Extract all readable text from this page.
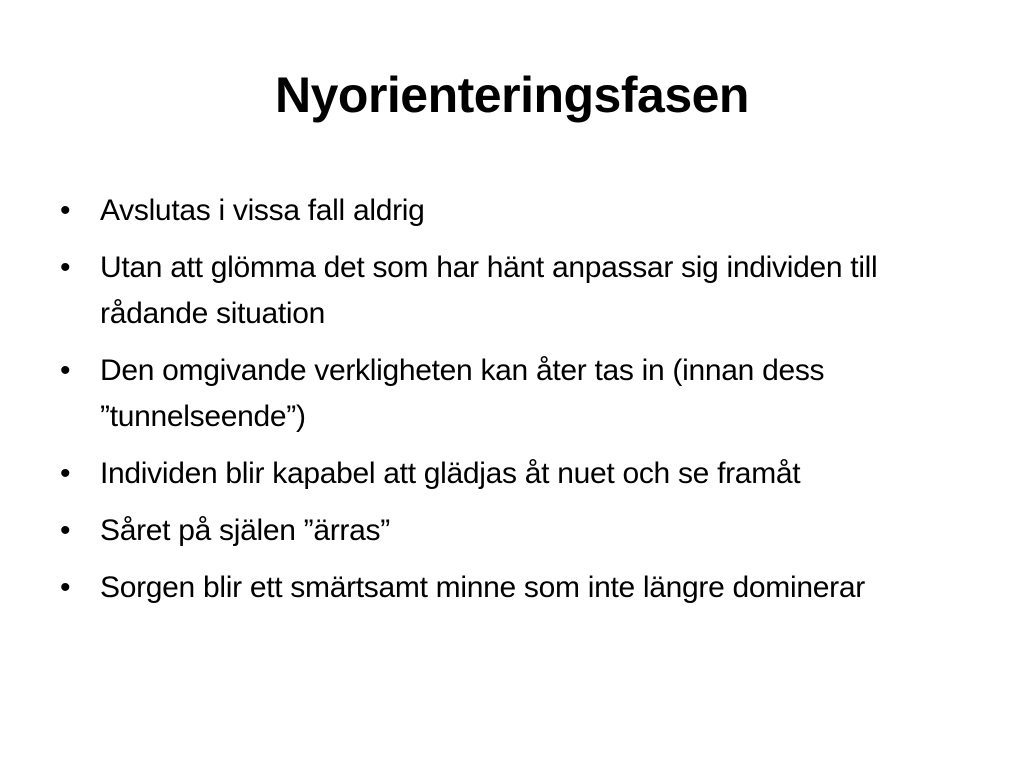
Nyorienteringsfasen
• Avslutas i vissa fall aldrig
• Utan att glömma det som har hänt anpassar sig individen till rådande situation
• Den omgivande verkligheten kan åter tas in (innan dess ”tunnelseende”)
• Individen blir kapabel att glädjas åt nuet och se framåt
• Såret på själen ”ärras”
• Sorgen blir ett smärtsamt minne som inte längre dominerar
